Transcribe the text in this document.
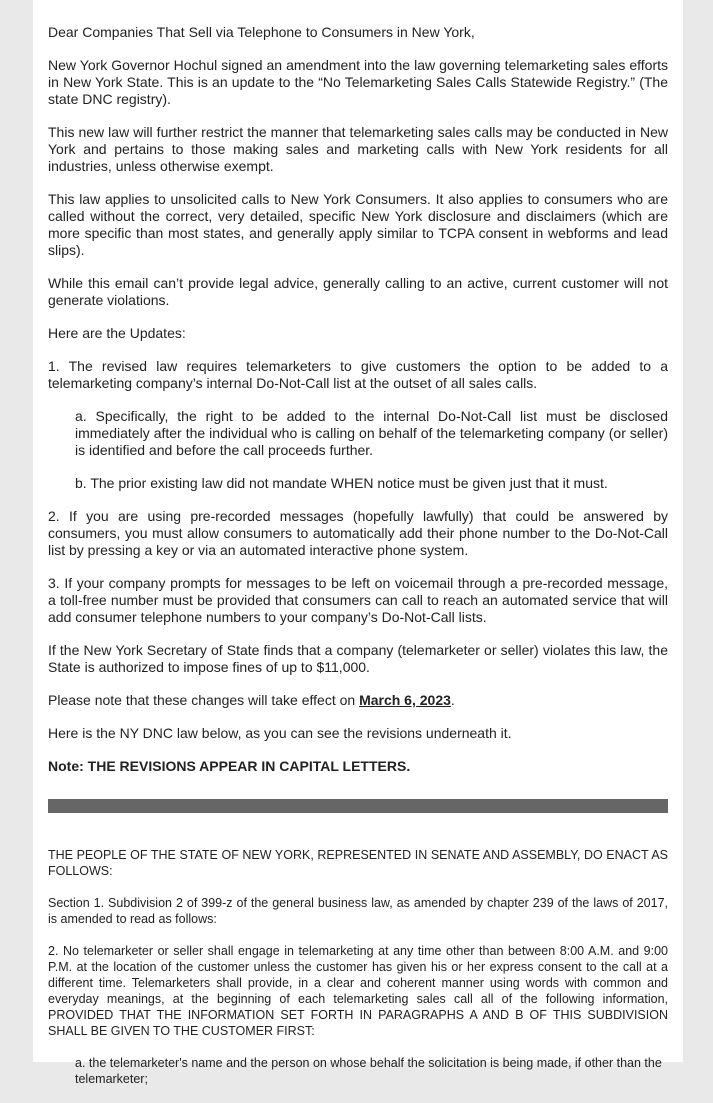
Dear Companies That Sell via Telephone to Consumers in New York,

New York Governor Hochul signed an amendment into the law governing telemarketing sales efforts in New York State. This is an update to the “No Telemarketing Sales Calls Statewide Registry.” (The state DNC registry).

This new law will further restrict the manner that telemarketing sales calls may be conducted in New York and pertains to those making sales and marketing calls with New York residents for all industries, unless otherwise exempt.

This law applies to unsolicited calls to New York Consumers. It also applies to consumers who are called without the correct, very detailed, specific New York disclosure and disclaimers (which are more specific than most states, and generally apply similar to TCPA consent in webforms and lead slips).

While this email can’t provide legal advice, generally calling to an active, current customer will not generate violations.

Here are the Updates:

1. The revised law requires telemarketers to give customers the option to be added to a telemarketing company’s internal Do-Not-Call list at the outset of all sales calls.

a. Specifically, the right to be added to the internal Do-Not-Call list must be disclosed immediately after the individual who is calling on behalf of the telemarketing company (or seller) is identified and before the call proceeds further.

b. The prior existing law did not mandate WHEN notice must be given just that it must.

2. If you are using pre-recorded messages (hopefully lawfully) that could be answered by consumers, you must allow consumers to automatically add their phone number to the Do-Not-Call list by pressing a key or via an automated interactive phone system.

3. If your company prompts for messages to be left on voicemail through a pre-recorded message, a toll-free number must be provided that consumers can call to reach an automated service that will add consumer telephone numbers to your company’s Do-Not-Call lists.

If the New York Secretary of State finds that a company (telemarketer or seller) violates this law, the State is authorized to impose fines of up to $11,000.

Please note that these changes will take effect on March 6, 2023.

Here is the NY DNC law below, as you can see the revisions underneath it.

Note: THE REVISIONS APPEAR IN CAPITAL LETTERS.

THE PEOPLE OF THE STATE OF NEW YORK, REPRESENTED IN SENATE AND ASSEMBLY, DO ENACT AS FOLLOWS:

Section 1. Subdivision 2 of 399-z of the general business law, as amended by chapter 239 of the laws of 2017, is amended to read as follows:

2. No telemarketer or seller shall engage in telemarketing at any time other than between 8:00 A.M. and 9:00 P.M. at the location of the customer unless the customer has given his or her express consent to the call at a different time. Telemarketers shall provide, in a clear and coherent manner using words with common and everyday meanings, at the beginning of each telemarketing sales call all of the following information, PROVIDED THAT THE INFORMATION SET FORTH IN PARAGRAPHS A AND B OF THIS SUBDIVISION SHALL BE GIVEN TO THE CUSTOMER FIRST:

a. the telemarketer's name and the person on whose behalf the solicitation is being made, if other than the telemarketer;
